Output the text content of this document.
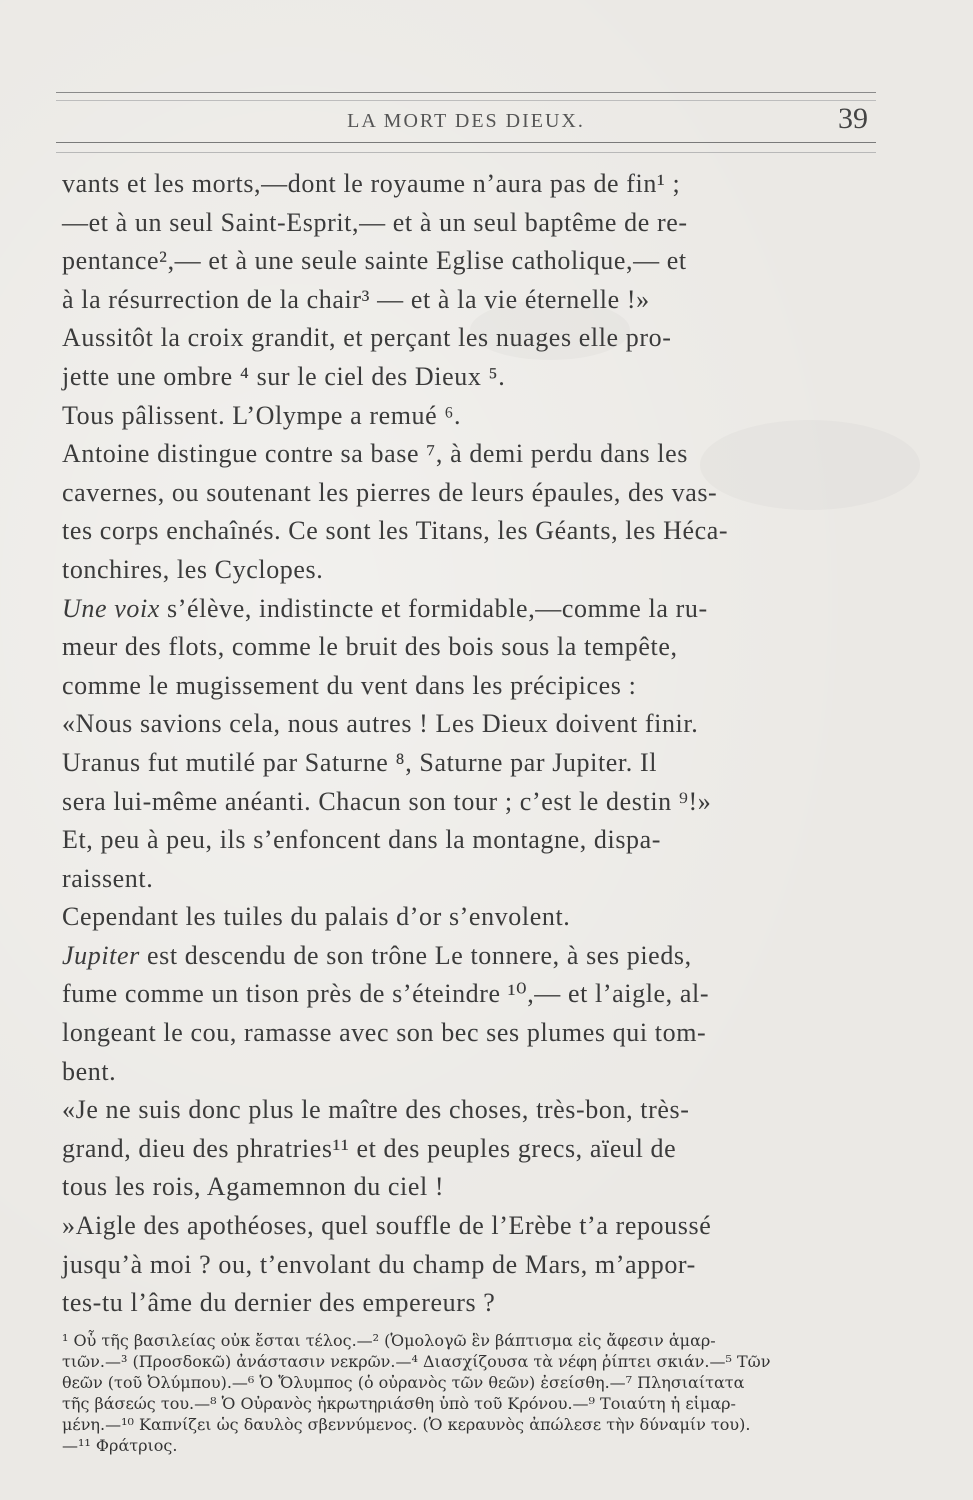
LA MORT DES DIEUX.	39

vants et les morts,—dont le royaume n’aura pas de fin¹ ;
—et à un seul Saint-Esprit,— et à un seul baptême de re-
pentance²,— et à une seule sainte Eglise catholique,— et
à la résurrection de la chair³ — et à la vie éternelle !»

Aussitôt la croix grandit, et perçant les nuages elle pro-
jette une ombre ⁴ sur le ciel des Dieux ⁵.

Tous pâlissent. L’Olympe a remué ⁶.

Antoine distingue contre sa base ⁷, à demi perdu dans les
cavernes, ou soutenant les pierres de leurs épaules, des vas-
tes corps enchaînés. Ce sont les Titans, les Géants, les Héca-
tonchires, les Cyclopes.

Une voix s’élève, indistincte et formidable,—comme la ru-
meur des flots, comme le bruit des bois sous la tempête,
comme le mugissement du vent dans les précipices :

«Nous savions cela, nous autres ! Les Dieux doivent finir.
Uranus fut mutilé par Saturne ⁸, Saturne par Jupiter. Il
sera lui-même anéanti. Chacun son tour ; c’est le destin ⁹!»

Et, peu à peu, ils s’enfoncent dans la montagne, dispa-
raissent.

Cependant les tuiles du palais d’or s’envolent.

Jupiter est descendu de son trône Le tonnere, à ses pieds,
fume comme un tison près de s’éteindre ¹⁰,— et l’aigle, al-
longeant le cou, ramasse avec son bec ses plumes qui tom-
bent.

«Je ne suis donc plus le maître des choses, très-bon, très-
grand, dieu des phratries¹¹ et des peuples grecs, aïeul de
tous les rois, Agamemnon du ciel !

»Aigle des apothéoses, quel souffle de l’Erèbe t’a repoussé
jusqu’à moi ? ou, t’envolant du champ de Mars, m’appor-
tes-tu l’âme du dernier des empereurs ?

¹ Οὗ τῆς βασιλείας οὐκ ἔσται τέλος.—² (Ὁμολογῶ ἓν βάπτισμα εἰς ἄφεσιν ἁμαρ-

τιῶν.—³ (Προσδοκῶ) ἀνάστασιν νεκρῶν.—⁴ Διασχίζουσα τὰ νέφη ῥίπτει σκιάν.—⁵ Τῶν

θεῶν (τοῦ Ὀλύμπου).—⁶ Ὁ Ὄλυμπος (ὁ οὐρανὸς τῶν θεῶν) ἐσείσθη.—⁷ Πλησιαίτατα

τῆς βάσεώς του.—⁸ Ὁ Οὐρανὸς ἠκρωτηριάσθη ὑπὸ τοῦ Κρόνου.—⁹ Τοιαύτη ἡ εἱμαρ-

μένη.—¹⁰ Καπνίζει ὡς δαυλὸς σβεννύμενος. (Ὁ κεραυνὸς ἀπώλεσε τὴν δύναμίν του).

—¹¹ Φράτριος.
